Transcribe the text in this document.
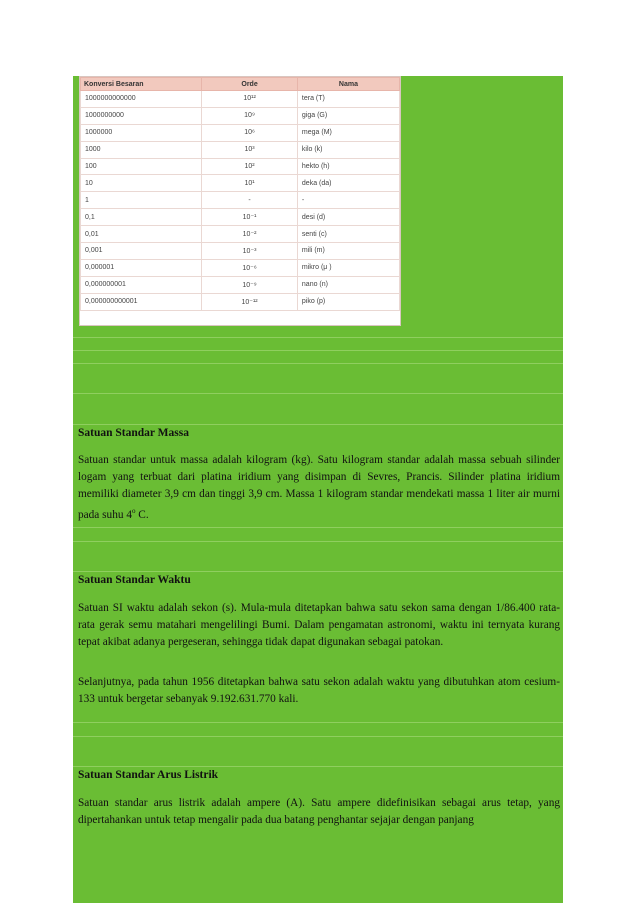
Konversi Besaran	Orde	Nama
1000000000000	10¹²	tera (T)
1000000000	10⁹	giga (G)
1000000	10⁶	mega (M)
1000	10³	kilo (k)
100	10²	hekto (h)
10	10¹	deka (da)
1	-	-
0,1	10⁻¹	desi (d)
0,01	10⁻²	senti (c)
0,001	10⁻³	mili (m)
0,000001	10⁻⁶	mikro (μ )
0,000000001	10⁻⁹	nano (n)
0,000000000001	10⁻¹²	piko (p)
Satuan Standar Massa
Satuan standar untuk massa adalah kilogram (kg). Satu kilogram standar adalah massa sebuah silinder logam yang terbuat dari platina iridium yang disimpan di Sevres, Prancis. Silinder platina iridium memiliki diameter 3,9 cm dan tinggi 3,9 cm. Massa 1 kilogram standar mendekati massa 1 liter air murni pada suhu 4$^o$ C.
Satuan Standar Waktu
Satuan SI waktu adalah sekon (s). Mula-mula ditetapkan bahwa satu sekon sama dengan 1/86.400 rata-rata gerak semu matahari mengelilingi Bumi. Dalam pengamatan astronomi, waktu ini ternyata kurang tepat akibat adanya pergeseran, sehingga tidak dapat digunakan sebagai patokan.
Selanjutnya, pada tahun 1956 ditetapkan bahwa satu sekon adalah waktu yang dibutuhkan atom cesium-133 untuk bergetar sebanyak 9.192.631.770 kali.
Satuan Standar Arus Listrik
Satuan standar arus listrik adalah ampere (A). Satu ampere didefinisikan sebagai arus tetap, yang dipertahankan untuk tetap mengalir pada dua batang penghantar sejajar dengan panjang
